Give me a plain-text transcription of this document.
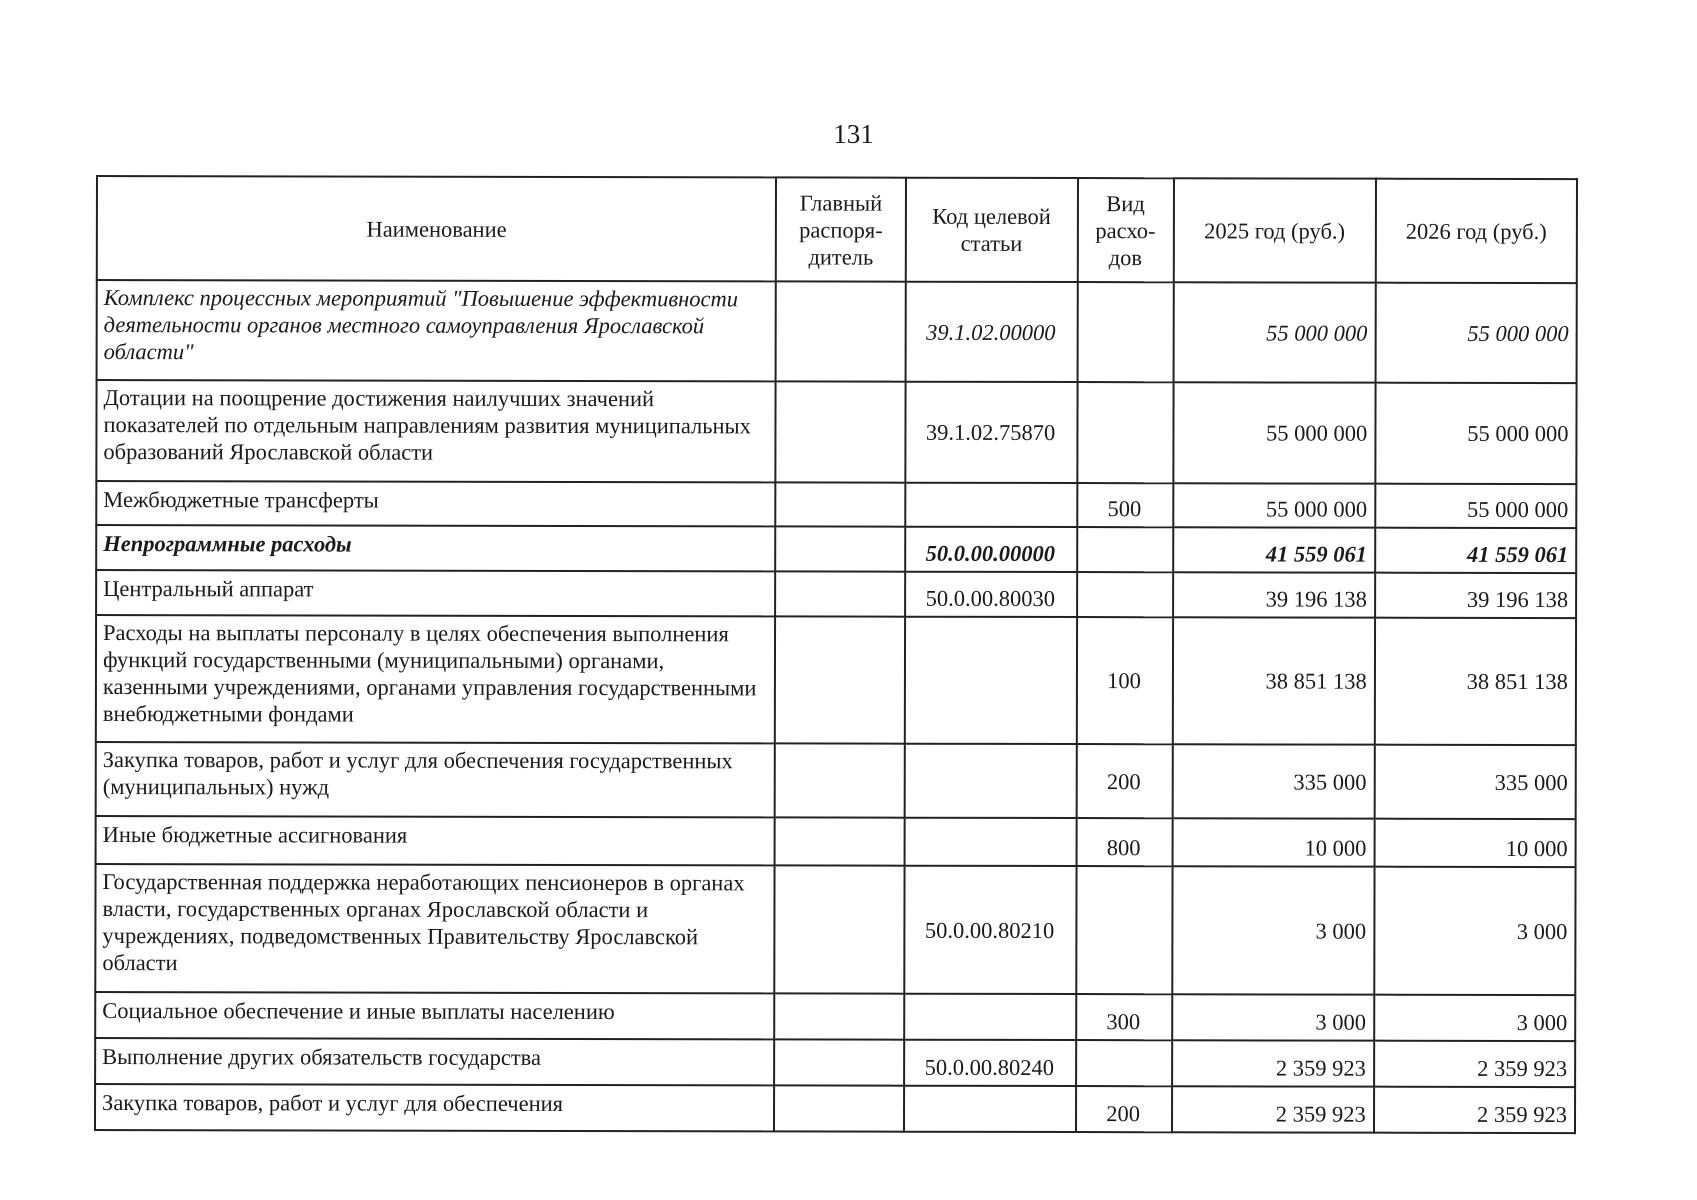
131
Наименование	Главный распоря-дитель	Код целевой статьи	Вид расхо-дов	2025 год (руб.)	2026 год (руб.)
Комплекс процессных мероприятий "Повышение эффективности деятельности органов местного самоуправления Ярославской области"		39.1.02.00000		55 000 000	55 000 000
Дотации на поощрение достижения наилучших значений показателей по отдельным направлениям развития муниципальных образований Ярославской области		39.1.02.75870		55 000 000	55 000 000
Межбюджетные трансферты			500	55 000 000	55 000 000
Непрограммные расходы		50.0.00.00000		41 559 061	41 559 061
Центральный аппарат		50.0.00.80030		39 196 138	39 196 138
Расходы на выплаты персоналу в целях обеспечения выполнения функций государственными (муниципальными) органами, казенными учреждениями, органами управления государственными внебюджетными фондами			100	38 851 138	38 851 138
Закупка товаров, работ и услуг для обеспечения государственных (муниципальных) нужд			200	335 000	335 000
Иные бюджетные ассигнования			800	10 000	10 000
Государственная поддержка неработающих пенсионеров в органах власти, государственных органах Ярославской области и учреждениях, подведомственных Правительству Ярославской области		50.0.00.80210		3 000	3 000
Социальное обеспечение и иные выплаты населению			300	3 000	3 000
Выполнение других обязательств государства		50.0.00.80240		2 359 923	2 359 923
Закупка товаров, работ и услуг для обеспечения			200	2 359 923	2 359 923
